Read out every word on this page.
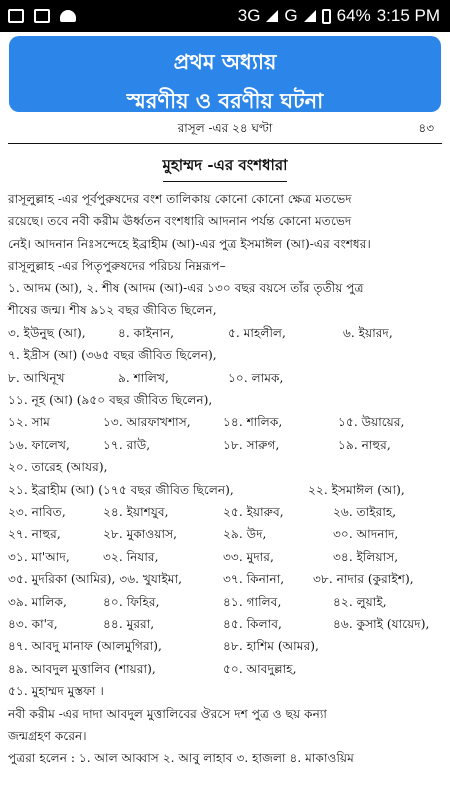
3G G 64% 3:15 PM
প্রথম অধ্যায়
স্মরণীয় ও বরণীয় ঘটনা
রাসূল -এর ২৪ ঘণ্টা	৪৩
মুহাম্মদ -এর বংশধারা

রাসূলুল্লাহ -এর পূর্বপুরুষদের বংশ তালিকায় কোনো কোনো ক্ষেত্র মতভেদ

রয়েছে। তবে নবী করীম ঊর্ধ্বতন বংশধারি আদনান পর্যন্ত কোনো মতভেদ

নেই। আদনান নিঃসন্দেহে ইব্রাহীম (আ)-এর পুত্র ইসমাঈল (আ)-এর বংশধর।

রাসূলুল্লাহ -এর পিতৃপুরুষদের পরিচয় নিম্নরূপ–

১. আদম (আ), ২. শীষ (আদম (আ)-এর ১৩০ বছর বয়সে তাঁর তৃতীয় পুত্র

শীষের জন্ম। শীষ ৯১২ বছর জীবিত ছিলেন,

৩. ইউনুছ (আ),	৪. কাইনান,	৫. মাহলীল,	৬. ইয়ারদ,
৭. ইদ্রীস (আ) (৩৬৫ বছর জীবিত ছিলেন),
৮. আখিনূখ	৯. শালিখ,	১০. লামক,
১১. নূহ (আ) (৯৫০ বছর জীবিত ছিলেন),
১২. সাম	১৩. আরফাখশাস,	১৪. শালিক,	১৫. উয়ায়ের,
১৬. ফালেখ,	১৭. রাউ,	১৮. সারুগ,	১৯. নাহুর,
২০. তারেহ (আযর),
২১. ইব্রাহীম (আ) (১৭৫ বছর জীবিত ছিলেন),	২২. ইসমাঈল (আ),
২৩. নাবিত,	২৪. ইয়াশযুব,	২৫. ইয়ারুব,	২৬. তাইরাহ,
২৭. নাহুর,	২৮. মুকাওয়াস,	২৯. উদ,	৩০. আদনাদ,
৩১. মা'আদ,	৩২. নিযার,	৩৩. মুদার,	৩৪. ইলিয়াস,
৩৫. মুদরিকা (আমির), ৩৬. খুযাইমা,	৩৭. কিনানা,	৩৮. নাদার (কুরাইশ),
৩৯. মালিক,	৪০. ফিহির,	৪১. গালিব,	৪২. লুয়াই,
৪৩. কা'ব,	৪৪. মুররা,	৪৫. কিলাব,	৪৬. কুসাই (যায়েদ),
৪৭. আবদু মানাফ (আলমুগিরা),	৪৮. হাশিম (আমর),
৪৯. আবদুল মুত্তালিব (শায়রা),	৫০. আবদুল্লাহ,
৫১. মুহাম্মদ মুস্তফা ।

নবী করীম -এর দাদা আবদুল মুত্তালিবের ঔরসে দশ পুত্র ও ছয় কন্যা

জন্মগ্রহণ করেন।

পুত্ররা হলেন : ১. আল আব্বাস ২. আবু লাহাব ৩. হাজলা ৪. মাকাওয়িম
